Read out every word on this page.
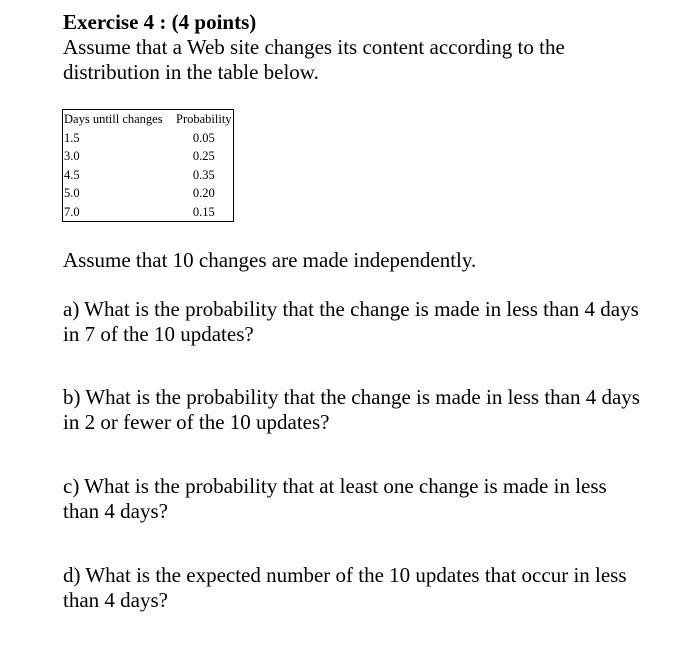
Exercise 4 : (4 points)

Assume that a Web site changes its content according to the
distribution in the table below.

Days untill changes	Probability
1.5	0.05
3.0	0.25
4.5	0.35
5.0	0.20
7.0	0.15

Assume that 10 changes are made independently.

a) What is the probability that the change is made in less than 4 days
in 7 of the 10 updates?

b) What is the probability that the change is made in less than 4 days
in 2 or fewer of the 10 updates?

c) What is the probability that at least one change is made in less
than 4 days?

d) What is the expected number of the 10 updates that occur in less
than 4 days?
